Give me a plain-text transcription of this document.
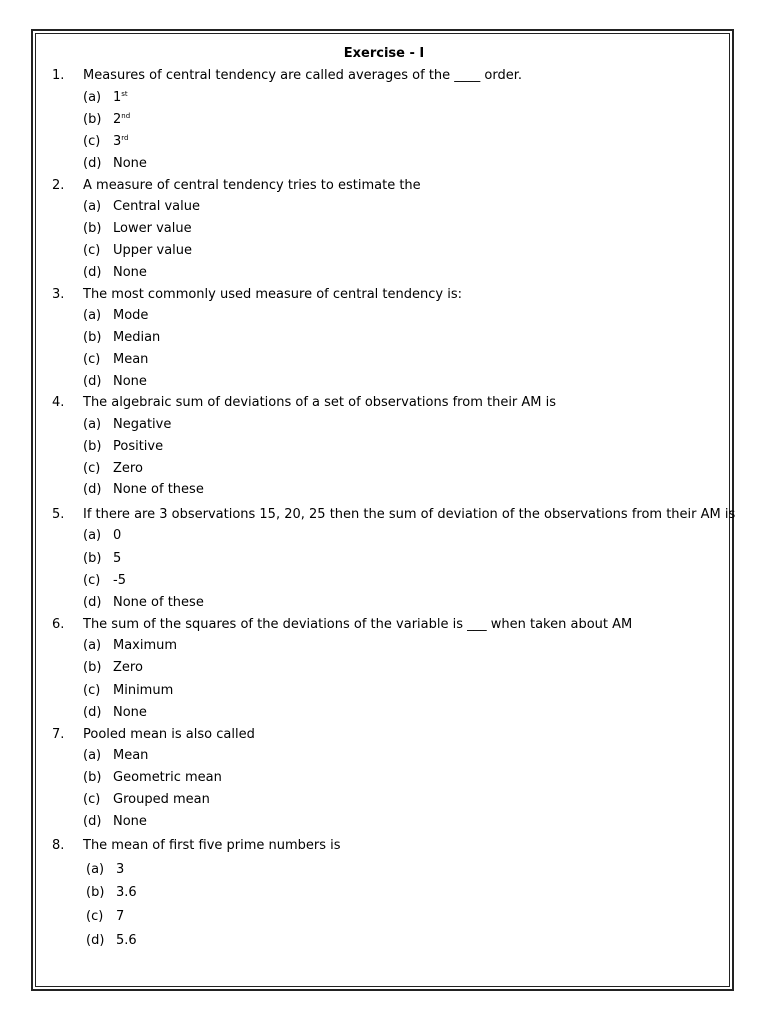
Exercise - I
1. Measures of central tendency are called averages of the ____ order.
(a) 1st
(b) 2nd
(c) 3rd
(d) None
2. A measure of central tendency tries to estimate the
(a) Central value
(b) Lower value
(c) Upper value
(d) None
3. The most commonly used measure of central tendency is:
(a) Mode
(b) Median
(c) Mean
(d) None
4. The algebraic sum of deviations of a set of observations from their AM is
(a) Negative
(b) Positive
(c) Zero
(d) None of these
5. If there are 3 observations 15, 20, 25 then the sum of deviation of the observations from their AM is
(a) 0
(b) 5
(c) -5
(d) None of these
6. The sum of the squares of the deviations of the variable is ___ when taken about AM
(a) Maximum
(b) Zero
(c) Minimum
(d) None
7. Pooled mean is also called
(a) Mean
(b) Geometric mean
(c) Grouped mean
(d) None
8. The mean of first five prime numbers is
(a) 3
(b) 3.6
(c) 7
(d) 5.6
